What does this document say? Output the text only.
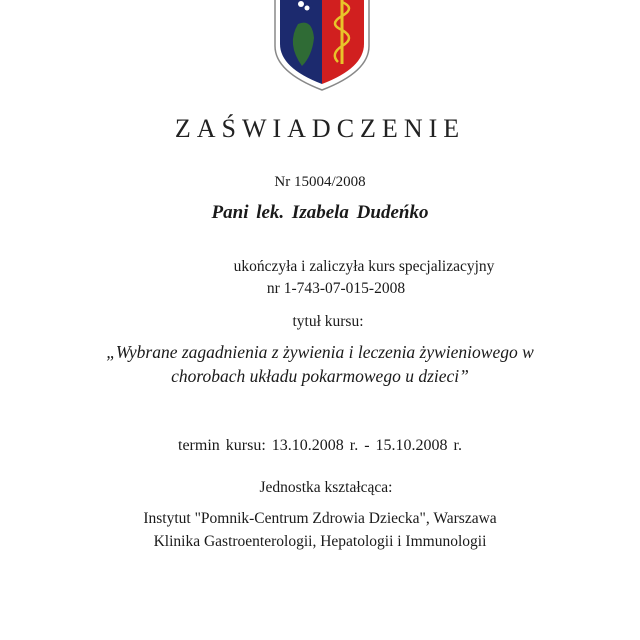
ZAŚWIADCZENIE
Nr 15004/2008
Pani lek. Izabela Dudeńko
ukończyła i zaliczyła kurs specjalizacyjny
nr 1-743-07-015-2008
tytuł kursu:
„Wybrane zagadnienia z żywienia i leczenia żywieniowego w
chorobach układu pokarmowego u dzieci”
termin kursu: 13.10.2008 r. - 15.10.2008 r.
Jednostka kształcąca:
Instytut "Pomnik-Centrum Zdrowia Dziecka", Warszawa
Klinika Gastroenterologii, Hepatologii i Immunologii
